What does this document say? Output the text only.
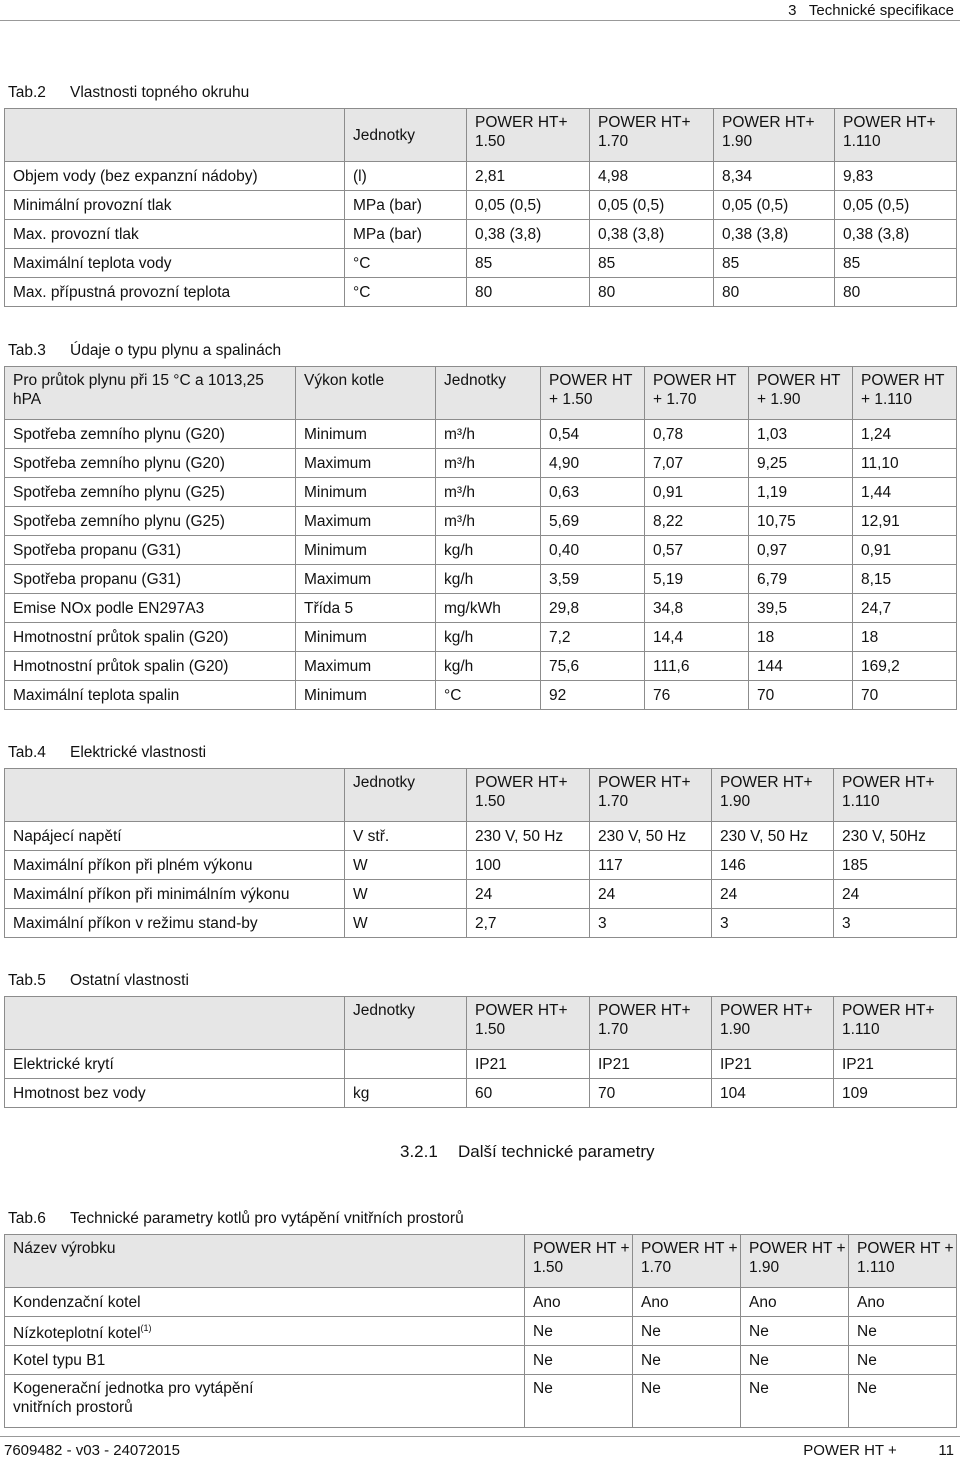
3 Technické specifikace
Tab.2 Vlastnosti topného okruhu
	Jednotky	POWER HT+ 1.50	POWER HT+ 1.70	POWER HT+ 1.90	POWER HT+ 1.110
Objem vody (bez expanzní nádoby)	(l)	2,81	4,98	8,34	9,83
Minimální provozní tlak	MPa (bar)	0,05 (0,5)	0,05 (0,5)	0,05 (0,5)	0,05 (0,5)
Max. provozní tlak	MPa (bar)	0,38 (3,8)	0,38 (3,8)	0,38 (3,8)	0,38 (3,8)
Maximální teplota vody	°C	85	85	85	85
Max. přípustná provozní teplota	°C	80	80	80	80
Tab.3 Údaje o typu plynu a spalinách
Pro průtok plynu při 15 °C a 1013,25 hPA	Výkon kotle	Jednotky	POWER HT + 1.50	POWER HT + 1.70	POWER HT + 1.90	POWER HT + 1.110
Spotřeba zemního plynu (G20)	Minimum	m³/h	0,54	0,78	1,03	1,24
Spotřeba zemního plynu (G20)	Maximum	m³/h	4,90	7,07	9,25	11,10
Spotřeba zemního plynu (G25)	Minimum	m³/h	0,63	0,91	1,19	1,44
Spotřeba zemního plynu (G25)	Maximum	m³/h	5,69	8,22	10,75	12,91
Spotřeba propanu (G31)	Minimum	kg/h	0,40	0,57	0,97	0,91
Spotřeba propanu (G31)	Maximum	kg/h	3,59	5,19	6,79	8,15
Emise NOx podle EN297A3	Třída 5	mg/kWh	29,8	34,8	39,5	24,7
Hmotnostní průtok spalin (G20)	Minimum	kg/h	7,2	14,4	18	18
Hmotnostní průtok spalin (G20)	Maximum	kg/h	75,6	111,6	144	169,2
Maximální teplota spalin	Minimum	°C	92	76	70	70
Tab.4 Elektrické vlastnosti
	Jednotky	POWER HT+ 1.50	POWER HT+ 1.70	POWER HT+ 1.90	POWER HT+ 1.110
Napájecí napětí	V stř.	230 V, 50 Hz	230 V, 50 Hz	230 V, 50 Hz	230 V, 50Hz
Maximální příkon při plném výkonu	W	100	117	146	185
Maximální příkon při minimálním výkonu	W	24	24	24	24
Maximální příkon v režimu stand-by	W	2,7	3	3	3
Tab.5 Ostatní vlastnosti
	Jednotky	POWER HT+ 1.50	POWER HT+ 1.70	POWER HT+ 1.90	POWER HT+ 1.110
Elektrické krytí		IP21	IP21	IP21	IP21
Hmotnost bez vody	kg	60	70	104	109
3.2.1 Další technické parametry
Tab.6 Technické parametry kotlů pro vytápění vnitřních prostorů
Název výrobku	POWER HT + 1.50	POWER HT + 1.70	POWER HT + 1.90	POWER HT + 1.110
Kondenzační kotel	Ano	Ano	Ano	Ano
Nízkoteplotní kotel$^{(1)}$	Ne	Ne	Ne	Ne
Kotel typu B1	Ne	Ne	Ne	Ne

Kogenerační jednotka pro vytápění vnitřních prostorů	Ne	Ne	Ne	Ne
7609482 - v03 - 24072015	POWER HT +	11
